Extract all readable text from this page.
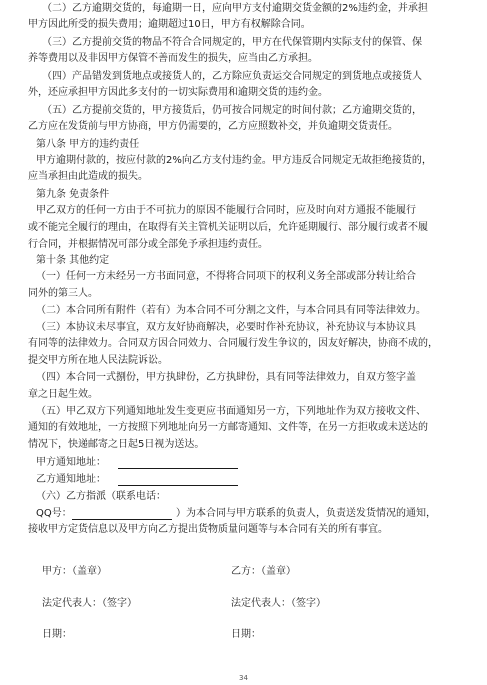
（二）乙方逾期交货的，每逾期一日，应向甲方支付逾期交货金额的2%违约金，并承担
甲方因此所受的损失费用；逾期超过10日，甲方有权解除合同。
（三）乙方提前交货的物品不符合合同规定的，甲方在代保管期内实际支付的保管、保
养等费用以及非因甲方保管不善而发生的损失，应当由乙方承担。
（四）产品错发到货地点或接货人的，乙方除应负责运交合同规定的到货地点或接货人
外，还应承担甲方因此多支付的一切实际费用和逾期交货的违约金。
（五）乙方提前交货的，甲方接货后，仍可按合同规定的时间付款；乙方逾期交货的，
乙方应在发货前与甲方协商，甲方仍需要的，乙方应照数补交，并负逾期交货责任。
第八条 甲方的违约责任
甲方逾期付款的，按应付款的2%向乙方支付违约金。甲方违反合同规定无故拒绝接货的，
应当承担由此造成的损失。
第九条 免责条件
甲乙双方的任何一方由于不可抗力的原因不能履行合同时，应及时向对方通报不能履行
或不能完全履行的理由，在取得有关主管机关证明以后，允许延期履行、部分履行或者不履
行合同，并根据情况可部分或全部免予承担违约责任。
第十条 其他约定
（一）任何一方未经另一方书面同意，不得将合同项下的权利义务全部或部分转让给合
同外的第三人。
（二）本合同所有附件（若有）为本合同不可分割之文件，与本合同具有同等法律效力。
（三）本协议未尽事宜，双方友好协商解决，必要时作补充协议，补充协议与本协议具
有同等的法律效力。合同双方因合同效力、合同履行发生争议的，因友好解决，协商不成的，
提交甲方所在地人民法院诉讼。
（四）本合同一式捌份，甲方执肆份，乙方执肆份，具有同等法律效力，自双方签字盖
章之日起生效。
（五）甲乙双方下列通知地址发生变更应书面通知另一方，下列地址作为双方接收文件、
通知的有效地址，一方按照下列地址向另一方邮寄通知、文件等，在另一方拒收或未送达的
情况下，快递邮寄之日起5日视为送达。
甲方通知地址：
乙方通知地址：
（六）乙方指派（联系电话：
QQ号：	）为本合同与甲方联系的负责人，负责送发货情况的通知，
接收甲方定货信息以及甲方向乙方提出货物质量问题等与本合同有关的所有事宜。
甲方：（盖章）	乙方：（盖章）
法定代表人：（签字）	法定代表人：（签字）
日期：	日期：
34
